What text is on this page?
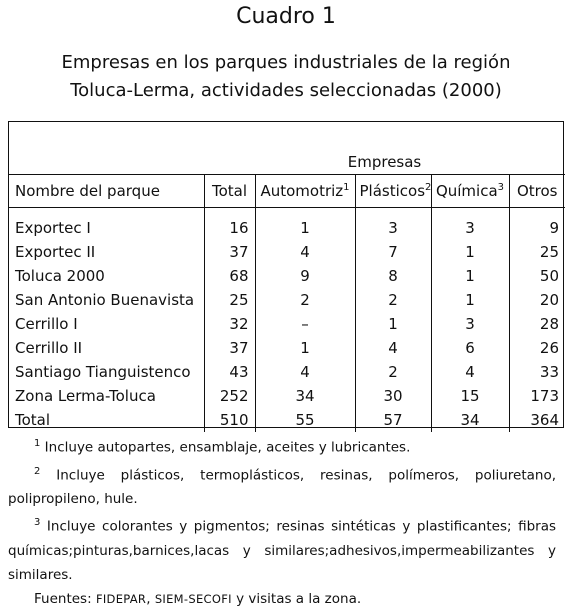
Cuadro 1
Empresas en los parques industriales de la región
Toluca-Lerma, actividades seleccionadas (2000)
	Empresas				
Nombre del parque	Total	Automotriz$^1$	Plásticos$^2$	Química$^3$	Otros
Exportec I	16	1	3	3	9
Exportec II	37	4	7	1	25
Toluca 2000	68	9	8	1	50
San Antonio Buenavista	25	2	2	1	20
Cerrillo I	32	–	1	3	28
Cerrillo II	37	1	4	6	26
Santiago Tianguistenco	43	4	2	4	33
Zona Lerma-Toluca	252	34	30	15	173
Total	510	55	57	34	364
$^1$ Incluye autopartes, ensamblaje, aceites y lubricantes.
$^2$ Incluye plásticos, termoplásticos, resinas, polímeros, poliuretano, polipropileno, hule.
$^3$ Incluye colorantes y pigmentos; resinas sintéticas y plastificantes; fibras químicas;pinturas,barnices,lacas y similares;adhesivos,impermeabilizantes y similares.
Fuentes: FIDEPAR, SIEM-SECOFI y visitas a la zona.
